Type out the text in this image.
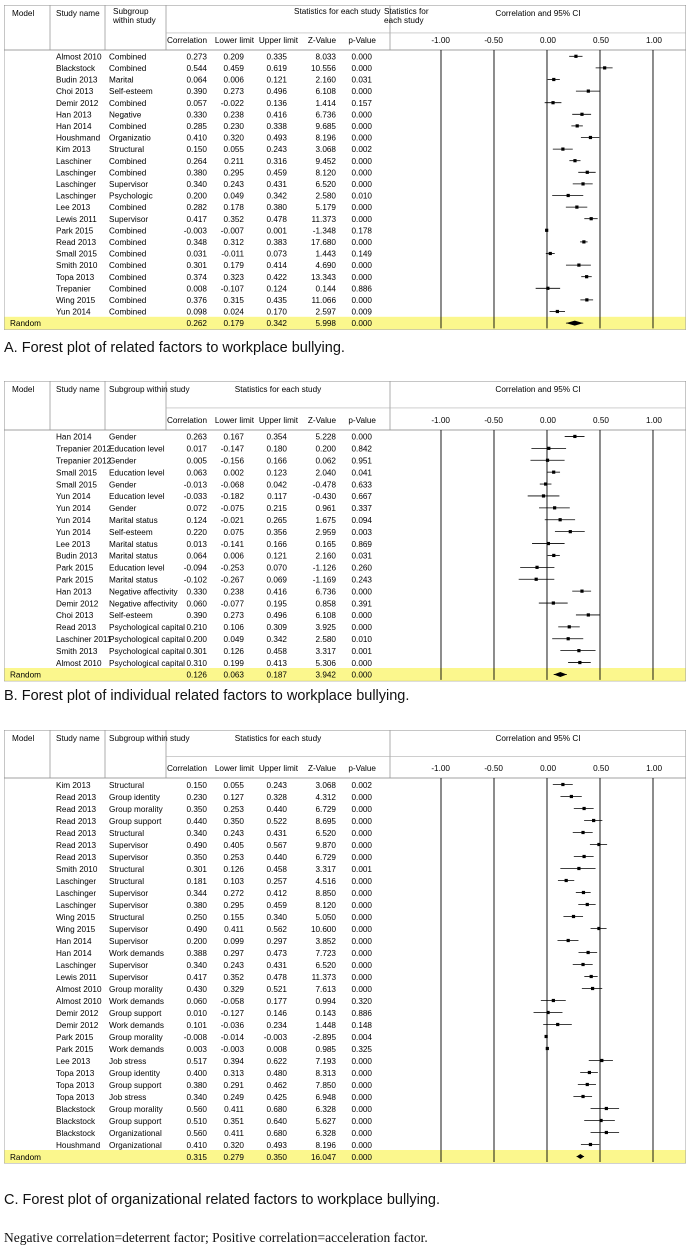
Model	Study name Subgroup
within study
Statistics for each study Statistics for
each study
Correlation and 95% CI
Correlation Lower limit Upper limit Z-Value p-Value	-1.00	-0.50	0.00	0.50	1.00
Almost 2010 Combined	0.273 0.209	0.335	8.033 0.000
Blackstock Combined	0.544 0.459	0.619	10.556 0.000
Budin 2013 Marital	0.064 0.006	0.121	2.160 0.031
Choi 2013 Self-esteem	0.390 0.273	0.496	6.108 0.000
Demir 2012 Combined	0.057 -0.022	0.136	1.414 0.157
Han 2013 Negative	0.330 0.238	0.416	6.736 0.000
Han 2014 Combined	0.285 0.230	0.338	9.685 0.000
Houshmand Organizatio	0.410 0.320	0.493	8.196 0.000
Kim 2013 Structural	0.150 0.055	0.243	3.068 0.002
Laschiner Combined	0.264 0.211	0.316	9.452 0.000
Laschinger Combined	0.380 0.295	0.459	8.120 0.000
Laschinger Supervisor	0.340 0.243	0.431	6.520 0.000
Laschinger Psychologic	0.200 0.049	0.342	2.580 0.010
Lee 2013 Combined	0.282 0.178	0.380	5.179 0.000
Lewis 2011 Supervisor	0.417 0.352	0.478	11.373 0.000
Park 2015 Combined	-0.003 -0.007	0.001	-1.348 0.178
Read 2013 Combined	0.348 0.312	0.383	17.680 0.000
Small 2015 Combined	0.031 -0.011	0.073	1.443 0.149
Smith 2010 Combined	0.301 0.179	0.414	4.690 0.000
Topa 2013 Combined	0.374 0.323	0.422	13.343 0.000
Trepanier Combined	0.008 -0.107	0.124	0.144 0.886
Wing 2015 Combined	0.376 0.315	0.435	11.066 0.000
Yun 2014 Combined	0.098 0.024	0.170	2.597 0.009
Random	0.262 0.179	0.342	5.998 0.000
A. Forest plot of related factors to workplace bullying.
Model	Study name Subgroup within study	Statistics for each study	Correlation and 95% CI
Correlation Lower limit Upper limit Z-Value p-Value	-1.00	-0.50	0.00	0.50	1.00
Han 2014 Gender	0.263 0.167	0.354	5.228 0.000
Trepanier 2012
Education level	0.017 -0.147	0.180	0.200 0.842
Trepanier 2012
Gender	0.005 -0.156	0.166	0.062 0.951
Small 2015 Education level	0.063 0.002	0.123	2.040 0.041
Small 2015 Gender	-0.013 -0.068	0.042	-0.478 0.633
Yun 2014 Education level -0.033 -0.182	0.117	-0.430 0.667
Yun 2014 Gender	0.072 -0.075	0.215	0.961 0.337
Yun 2014 Marital status	0.124 -0.021	0.265	1.675 0.094
Yun 2014 Self-esteem	0.220 0.075	0.356	2.959 0.003
Lee 2013 Marital status	0.013 -0.141	0.166	0.165 0.869
Budin 2013 Marital status	0.064 0.006	0.121	2.160 0.031
Park 2015 Education level -0.094 -0.253	0.070	-1.126 0.260
Park 2015 Marital status	-0.102 -0.267	0.069	-1.169 0.243
Han 2013 Negative affectivity 0.330 0.238	0.416	6.736 0.000
Demir 2012 Negative affectivity 0.060 -0.077	0.195	0.858 0.391
Choi 2013 Self-esteem	0.390 0.273	0.496	6.108 0.000
Read 2013 Psychological capital 0.210 0.106	0.309	3.925 0.000
Laschiner 2011
Psychological capital 0.200 0.049	0.342	2.580 0.010
Smith 2013 Psychological capital 0.301 0.126	0.458	3.317 0.001
Almost 2010 Psychological capital 0.310 0.199	0.413	5.306 0.000
Random	0.126 0.063	0.187	3.942 0.000
B. Forest plot of individual related factors to workplace bullying.
Model	Study name Subgroup within study	Statistics for each study	Correlation and 95% CI
Correlation Lower limit Upper limit Z-Value p-Value	-1.00	-0.50	0.00	0.50	1.00
Kim 2013 Structural	0.150 0.055	0.243	3.068 0.002
Read 2013 Group identity	0.230 0.127	0.328	4.312 0.000
Read 2013 Group morality	0.350 0.253	0.440	6.729 0.000
Read 2013 Group support	0.440 0.350	0.522	8.695 0.000
Read 2013 Structural	0.340 0.243	0.431	6.520 0.000
Read 2013 Supervisor	0.490 0.405	0.567	9.870 0.000
Read 2013 Supervisor	0.350 0.253	0.440	6.729 0.000
Smith 2010 Structural	0.301 0.126	0.458	3.317 0.001
Laschinger Structural	0.181 0.103	0.257	4.516 0.000
Laschinger Supervisor	0.344 0.272	0.412	8.850 0.000
Laschinger Supervisor	0.380 0.295	0.459	8.120 0.000
Wing 2015 Structural	0.250 0.155	0.340	5.050 0.000
Wing 2015 Supervisor	0.490 0.411	0.562	10.600 0.000
Han 2014 Supervisor	0.200 0.099	0.297	3.852 0.000
Han 2014 Work demands	0.388 0.297	0.473	7.723 0.000
Laschinger Supervisor	0.340 0.243	0.431	6.520 0.000
Lewis 2011 Supervisor	0.417 0.352	0.478	11.373 0.000
Almost 2010 Group morality	0.430 0.329	0.521	7.613 0.000
Almost 2010 Work demands	0.060 -0.058	0.177	0.994 0.320
Demir 2012 Group support	0.010 -0.127	0.146	0.143 0.886
Demir 2012 Work demands	0.101 -0.036	0.234	1.448 0.148
Park 2015 Group morality	-0.008 -0.014 -0.003	-2.895 0.004
Park 2015 Work demands	0.003 -0.003	0.008	0.985 0.325
Lee 2013 Job stress	0.517 0.394	0.622	7.193 0.000
Topa 2013 Group identity	0.400 0.313	0.480	8.313 0.000
Topa 2013 Group support	0.380 0.291	0.462	7.850 0.000
Topa 2013 Job stress	0.340 0.249	0.425	6.948 0.000
Blackstock Group morality	0.560 0.411	0.680	6.328 0.000
Blackstock Group support	0.510 0.351	0.640	5.627 0.000
Blackstock Organizational	0.560 0.411	0.680	6.328 0.000
Houshmand Organizational	0.410 0.320	0.493	8.196 0.000
Random	0.315 0.279	0.350	16.047 0.000
C. Forest plot of organizational related factors to workplace bullying.
Negative correlation=deterrent factor; Positive correlation=acceleration factor.
